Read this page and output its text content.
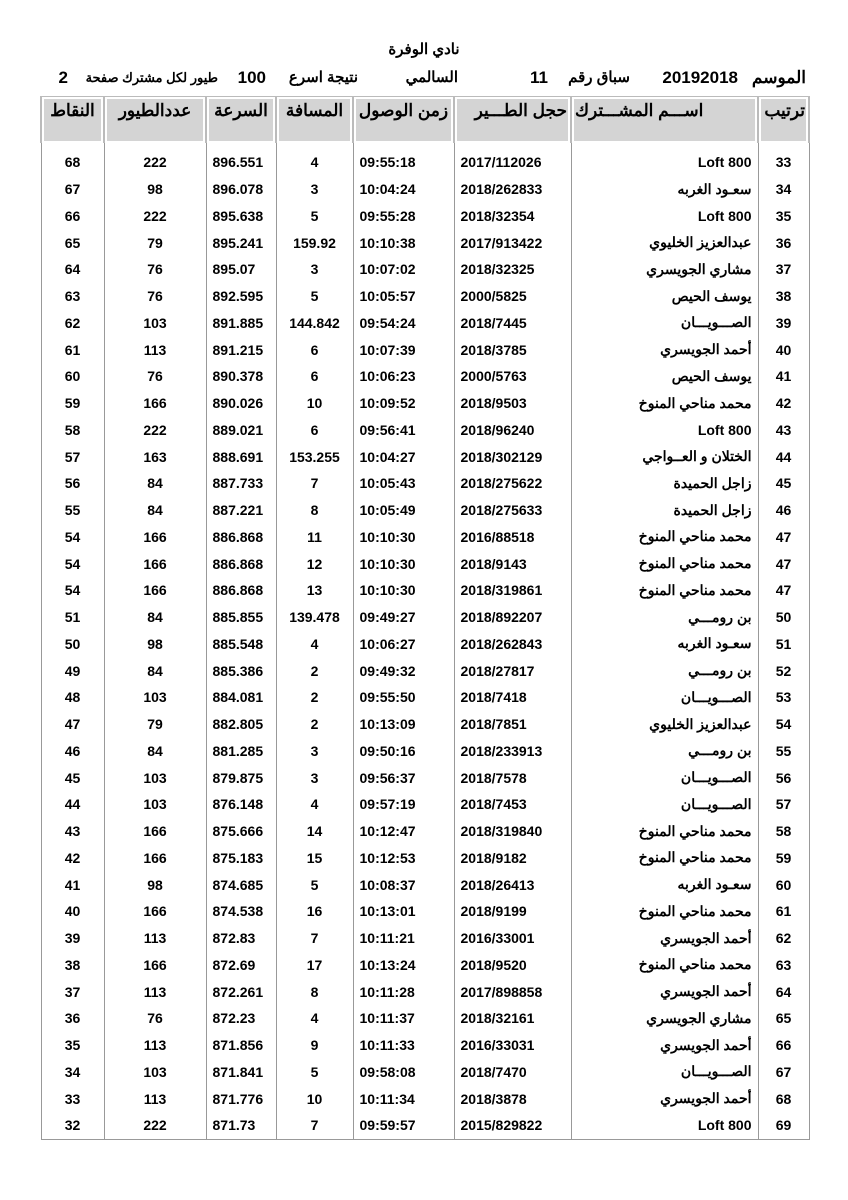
نادي الوفرة
الموسم
20192018
سباق رقم
11
السالمي
نتيجة اسرع
100
طيور لكل مشترك صفحة
2
ترتيب	اســـم المشـــترك	حجل الطـــير	زمن الوصول	المسافة	السرعة	عددالطيور	النقاط
33	Loft 800	2017/112026	09:55:18	4	896.551	222	68
34	سعـود الغربه	2018/262833	10:04:24	3	896.078	98	67
35	Loft 800	2018/32354	09:55:28	5	895.638	222	66
36	عبدالعزيز الخليوي	2017/913422	10:10:38	159.92	895.241	79	65
37	مشاري الجويسري	2018/32325	10:07:02	3	895.07	76	64
38	يوسف الحيص	2000/5825	10:05:57	5	892.595	76	63
39	الصـــويـــان	2018/7445	09:54:24	144.842	891.885	103	62
40	أحمد الجويسري	2018/3785	10:07:39	6	891.215	113	61
41	يوسف الحيص	2000/5763	10:06:23	6	890.378	76	60
42	محمد مناحي المنوخ	2018/9503	10:09:52	10	890.026	166	59
43	Loft 800	2018/96240	09:56:41	6	889.021	222	58
44	الختلان و العــواجي	2018/302129	10:04:27	153.255	888.691	163	57
45	زاجل الحميدة	2018/275622	10:05:43	7	887.733	84	56
46	زاجل الحميدة	2018/275633	10:05:49	8	887.221	84	55
47	محمد مناحي المنوخ	2016/88518	10:10:30	11	886.868	166	54
47	محمد مناحي المنوخ	2018/9143	10:10:30	12	886.868	166	54
47	محمد مناحي المنوخ	2018/319861	10:10:30	13	886.868	166	54
50	بن رومـــي	2018/892207	09:49:27	139.478	885.855	84	51
51	سعـود الغربه	2018/262843	10:06:27	4	885.548	98	50
52	بن رومـــي	2018/27817	09:49:32	2	885.386	84	49
53	الصـــويـــان	2018/7418	09:55:50	2	884.081	103	48
54	عبدالعزيز الخليوي	2018/7851	10:13:09	2	882.805	79	47
55	بن رومـــي	2018/233913	09:50:16	3	881.285	84	46
56	الصـــويـــان	2018/7578	09:56:37	3	879.875	103	45
57	الصـــويـــان	2018/7453	09:57:19	4	876.148	103	44
58	محمد مناحي المنوخ	2018/319840	10:12:47	14	875.666	166	43
59	محمد مناحي المنوخ	2018/9182	10:12:53	15	875.183	166	42
60	سعـود الغربه	2018/26413	10:08:37	5	874.685	98	41
61	محمد مناحي المنوخ	2018/9199	10:13:01	16	874.538	166	40
62	أحمد الجويسري	2016/33001	10:11:21	7	872.83	113	39
63	محمد مناحي المنوخ	2018/9520	10:13:24	17	872.69	166	38
64	أحمد الجويسري	2017/898858	10:11:28	8	872.261	113	37
65	مشاري الجويسري	2018/32161	10:11:37	4	872.23	76	36
66	أحمد الجويسري	2016/33031	10:11:33	9	871.856	113	35
67	الصـــويـــان	2018/7470	09:58:08	5	871.841	103	34
68	أحمد الجويسري	2018/3878	10:11:34	10	871.776	113	33
69	Loft 800	2015/829822	09:59:57	7	871.73	222	32
